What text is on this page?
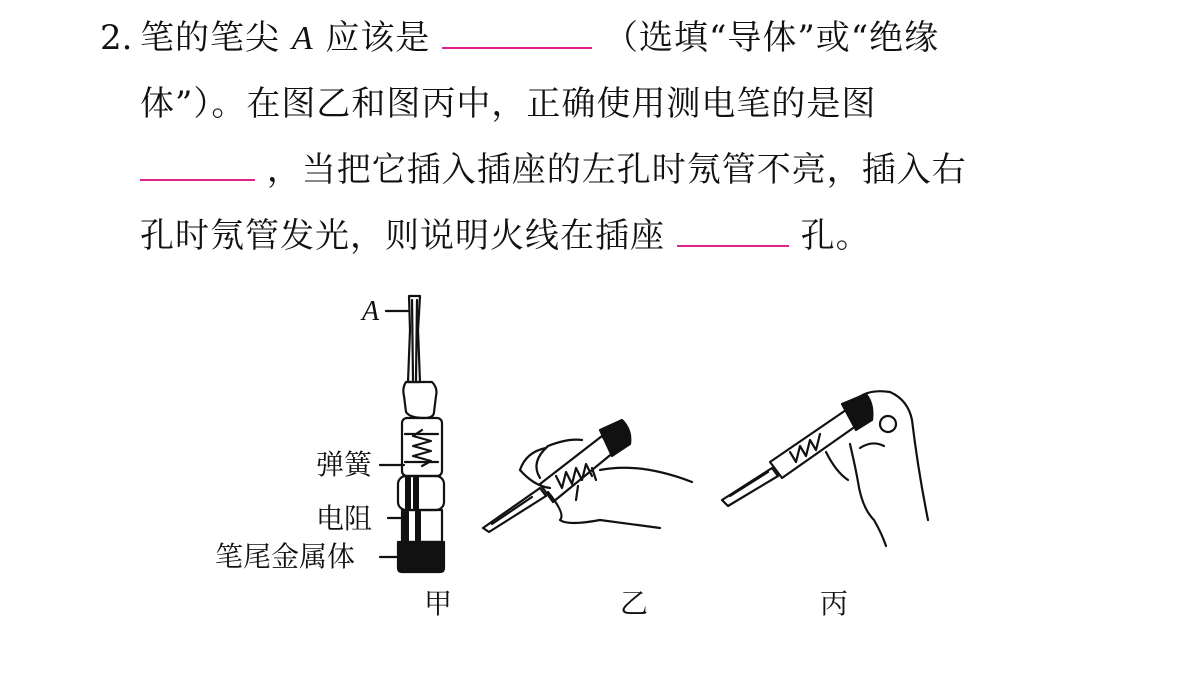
2. 笔的笔尖 A 应该是	（选填“导体”或“绝缘
体”）。在图乙和图丙中，正确使用测电笔的是图
，当把它插入插座的左孔时氖管不亮，插入右
孔时氖管发光，则说明火线在插座	孔。
A
弹簧
电阻
笔尾金属体
甲	乙	丙
